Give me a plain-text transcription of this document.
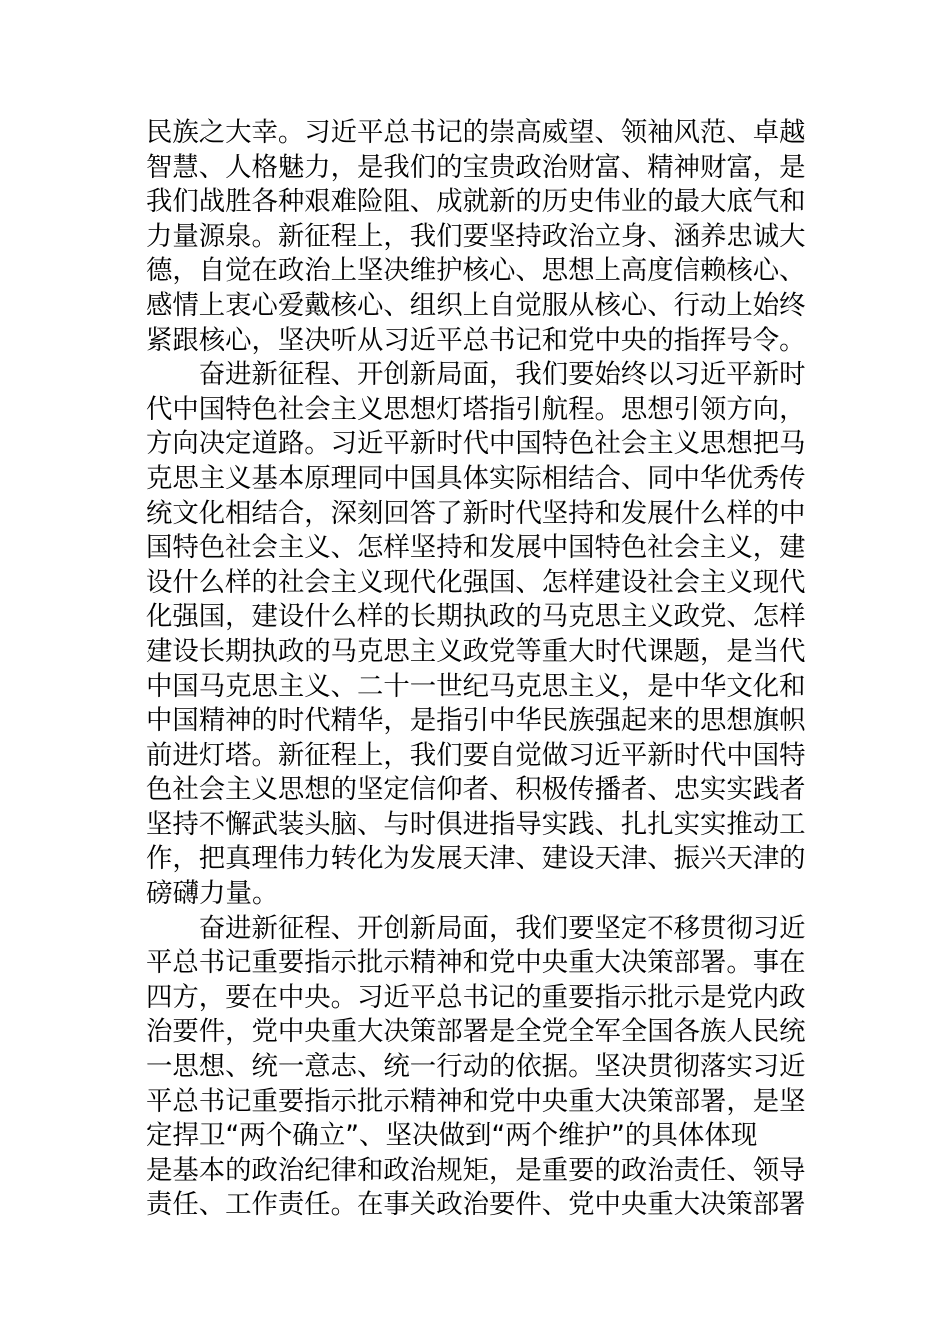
民族之大幸。习近平总书记的崇高威望、领袖风范、卓越
智慧、人格魅力，是我们的宝贵政治财富、精神财富，是
我们战胜各种艰难险阻、成就新的历史伟业的最大底气和
力量源泉。新征程上，我们要坚持政治立身、涵养忠诚大
德，自觉在政治上坚决维护核心、思想上高度信赖核心、
感情上衷心爱戴核心、组织上自觉服从核心、行动上始终
紧跟核心，坚决听从习近平总书记和党中央的指挥号令。
奋进新征程、开创新局面，我们要始终以习近平新时
代中国特色社会主义思想灯塔指引航程。思想引领方向，
方向决定道路。习近平新时代中国特色社会主义思想把马
克思主义基本原理同中国具体实际相结合、同中华优秀传
统文化相结合，深刻回答了新时代坚持和发展什么样的中
国特色社会主义、怎样坚持和发展中国特色社会主义，建
设什么样的社会主义现代化强国、怎样建设社会主义现代
化强国，建设什么样的长期执政的马克思主义政党、怎样
建设长期执政的马克思主义政党等重大时代课题，是当代
中国马克思主义、二十一世纪马克思主义，是中华文化和
中国精神的时代精华，是指引中华民族强起来的思想旗帜
前进灯塔。新征程上，我们要自觉做习近平新时代中国特
色社会主义思想的坚定信仰者、积极传播者、忠实实践者
坚持不懈武装头脑、与时俱进指导实践、扎扎实实推动工
作，把真理伟力转化为发展天津、建设天津、振兴天津的
磅礴力量。
奋进新征程、开创新局面，我们要坚定不移贯彻习近
平总书记重要指示批示精神和党中央重大决策部署。事在
四方，要在中央。习近平总书记的重要指示批示是党内政
治要件，党中央重大决策部署是全党全军全国各族人民统
一思想、统一意志、统一行动的依据。坚决贯彻落实习近
平总书记重要指示批示精神和党中央重大决策部署，是坚
定捍卫“两个确立”、坚决做到“两个维护”的具体体现
是基本的政治纪律和政治规矩，是重要的政治责任、领导
责任、工作责任。在事关政治要件、党中央重大决策部署
